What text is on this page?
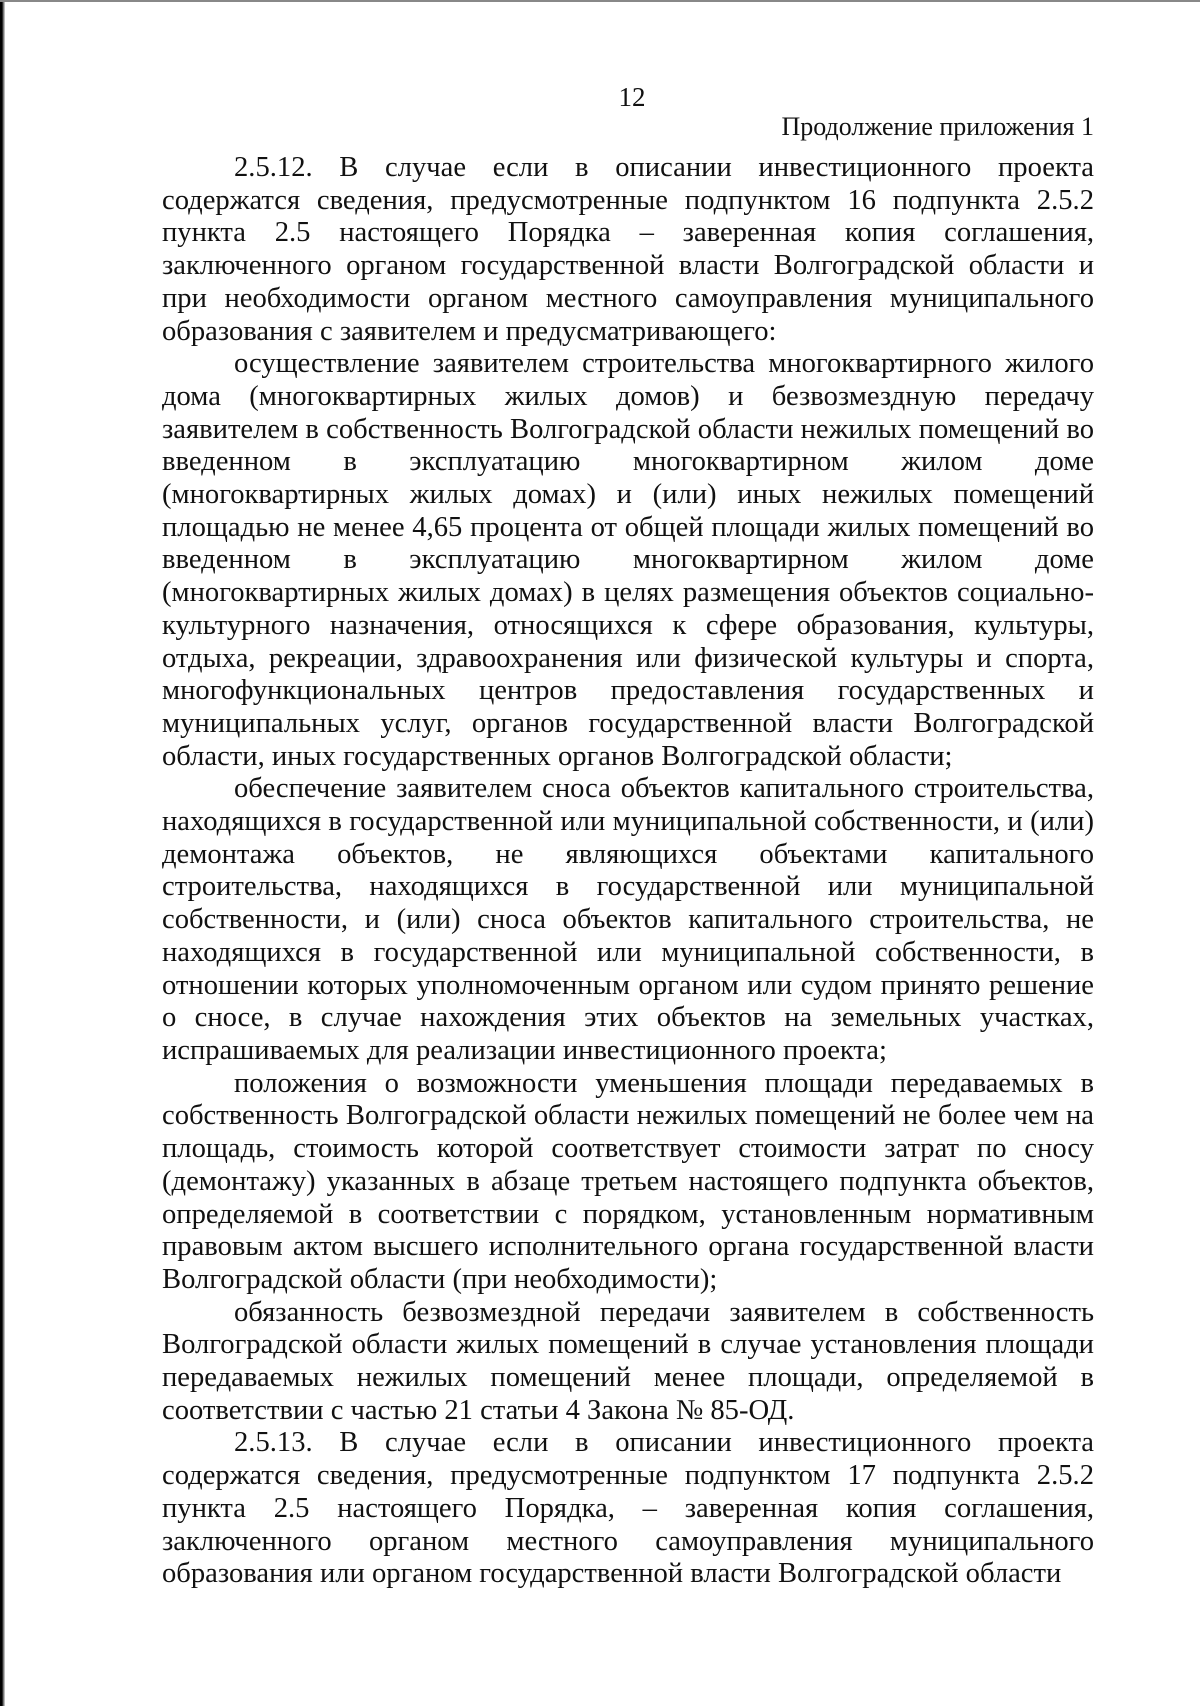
12
Продолжение приложения 1

2.5.12. В случае если в описании инвестиционного проекта содержатся сведения, предусмотренные подпунктом 16 подпункта 2.5.2 пункта 2.5 настоящего Порядка – заверенная копия соглашения, заключенного органом государственной власти Волгоградской области и при необходимости органом местного самоуправления муниципального образования с заявителем и предусматривающего:

осуществление заявителем строительства многоквартирного жилого дома (многоквартирных жилых домов) и безвозмездную передачу заявителем в собственность Волгоградской области нежилых помещений во введенном в эксплуатацию многоквартирном жилом доме (многоквартирных жилых домах) и (или) иных нежилых помещений площадью не менее 4,65 процента от общей площади жилых помещений во введенном в эксплуатацию многоквартирном жилом доме (многоквартирных жилых домах) в целях размещения объектов социально-культурного назначения, относящихся к сфере образования, культуры, отдыха, рекреации, здравоохранения или физической культуры и спорта, многофункциональных центров предоставления государственных и муниципальных услуг, органов государственной власти Волгоградской области, иных государственных органов Волгоградской области;

обеспечение заявителем сноса объектов капитального строительства, находящихся в государственной или муниципальной собственности, и (или) демонтажа объектов, не являющихся объектами капитального строительства, находящихся в государственной или муниципальной собственности, и (или) сноса объектов капитального строительства, не находящихся в государственной или муниципальной собственности, в отношении которых уполномоченным органом или судом принято решение о сносе, в случае нахождения этих объектов на земельных участках, испрашиваемых для реализации инвестиционного проекта;

положения о возможности уменьшения площади передаваемых в собственность Волгоградской области нежилых помещений не более чем на площадь, стоимость которой соответствует стоимости затрат по сносу (демонтажу) указанных в абзаце третьем настоящего подпункта объектов, определяемой в соответствии с порядком, установленным нормативным правовым актом высшего исполнительного органа государственной власти Волгоградской области (при необходимости);

обязанность безвозмездной передачи заявителем в собственность Волгоградской области жилых помещений в случае установления площади передаваемых нежилых помещений менее площади, определяемой в соответствии с частью 21 статьи 4 Закона № 85-ОД.

2.5.13. В случае если в описании инвестиционного проекта содержатся сведения, предусмотренные подпунктом 17 подпункта 2.5.2 пункта 2.5 настоящего Порядка, – заверенная копия соглашения, заключенного органом местного самоуправления муниципального образования или органом государственной власти Волгоградской области
